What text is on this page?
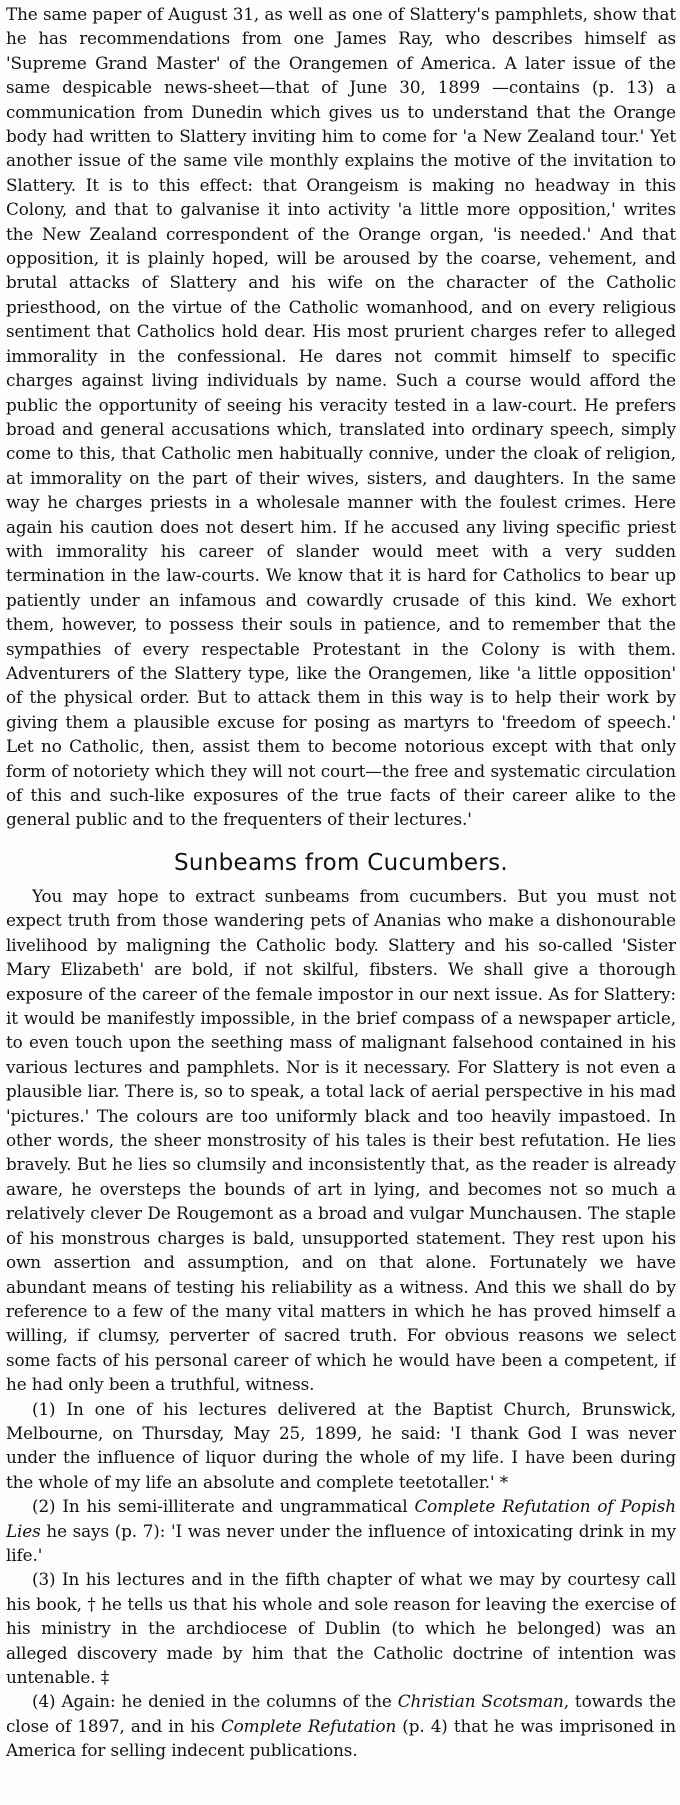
The same paper of August 31, as well as one of Slattery's pamphlets, show that he has recommendations from one James Ray, who describes himself as 'Supreme Grand Master' of the Orangemen of America. A later issue of the same despicable news-sheet—that of June 30, 1899 —contains (p. 13) a communication from Dunedin which gives us to understand that the Orange body had written to Slattery inviting him to come for 'a New Zealand tour.' Yet another issue of the same vile monthly explains the motive of the invitation to Slattery. It is to this effect: that Orangeism is making no headway in this Colony, and that to galvanise it into activity 'a little more opposition,' writes the New Zealand correspondent of the Orange organ, 'is needed.' And that opposition, it is plainly hoped, will be aroused by the coarse, vehement, and brutal attacks of Slattery and his wife on the character of the Catholic priesthood, on the virtue of the Catholic womanhood, and on every religious sentiment that Catholics hold dear. His most prurient charges refer to alleged immorality in the confessional. He dares not commit himself to specific charges against living individuals by name. Such a course would afford the public the opportunity of seeing his veracity tested in a law-court. He prefers broad and general accusations which, translated into ordinary speech, simply come to this, that Catholic men habitually connive, under the cloak of religion, at immorality on the part of their wives, sisters, and daughters. In the same way he charges priests in a wholesale manner with the foulest crimes. Here again his caution does not desert him. If he accused any living specific priest with immorality his career of slander would meet with a very sudden termination in the law-courts. We know that it is hard for Catholics to bear up patiently under an infamous and cowardly crusade of this kind. We exhort them, however, to possess their souls in patience, and to remember that the sympathies of every respectable Protestant in the Colony is with them. Adventurers of the Slattery type, like the Orangemen, like 'a little opposition' of the physical order. But to attack them in this way is to help their work by giving them a plausible excuse for posing as martyrs to 'freedom of speech.' Let no Catholic, then, assist them to become notorious except with that only form of notoriety which they will not court—the free and systematic circulation of this and such-like exposures of the true facts of their career alike to the general public and to the frequenters of their lectures.'

Sunbeams from Cucumbers.

You may hope to extract sunbeams from cucumbers. But you must not expect truth from those wandering pets of Ananias who make a dishonourable livelihood by maligning the Catholic body. Slattery and his so-called 'Sister Mary Elizabeth' are bold, if not skilful, fibsters. We shall give a thorough exposure of the career of the female impostor in our next issue. As for Slattery: it would be manifestly impossible, in the brief compass of a newspaper article, to even touch upon the seething mass of malignant falsehood contained in his various lectures and pamphlets. Nor is it necessary. For Slattery is not even a plausible liar. There is, so to speak, a total lack of aerial perspective in his mad 'pictures.' The colours are too uniformly black and too heavily impastoed. In other words, the sheer monstrosity of his tales is their best refutation. He lies bravely. But he lies so clumsily and inconsistently that, as the reader is already aware, he oversteps the bounds of art in lying, and becomes not so much a relatively clever De Rougemont as a broad and vulgar Munchausen. The staple of his monstrous charges is bald, unsupported statement. They rest upon his own assertion and assumption, and on that alone. Fortunately we have abundant means of testing his reliability as a witness. And this we shall do by reference to a few of the many vital matters in which he has proved himself a willing, if clumsy, perverter of sacred truth. For obvious reasons we select some facts of his personal career of which he would have been a competent, if he had only been a truthful, witness.

(1) In one of his lectures delivered at the Baptist Church, Brunswick, Melbourne, on Thursday, May 25, 1899, he said: 'I thank God I was never under the influence of liquor during the whole of my life. I have been during the whole of my life an absolute and complete teetotaller.' *

(2) In his semi-illiterate and ungrammatical Complete Refutation of Popish Lies he says (p. 7): 'I was never under the influence of intoxicating drink in my life.'

(3) In his lectures and in the fifth chapter of what we may by courtesy call his book, † he tells us that his whole and sole reason for leaving the exercise of his ministry in the archdiocese of Dublin (to which he belonged) was an alleged discovery made by him that the Catholic doctrine of intention was untenable. ‡

(4) Again: he denied in the columns of the Christian Scotsman, towards the close of 1897, and in his Complete Refutation (p. 4) that he was imprisoned in America for selling indecent publications.
